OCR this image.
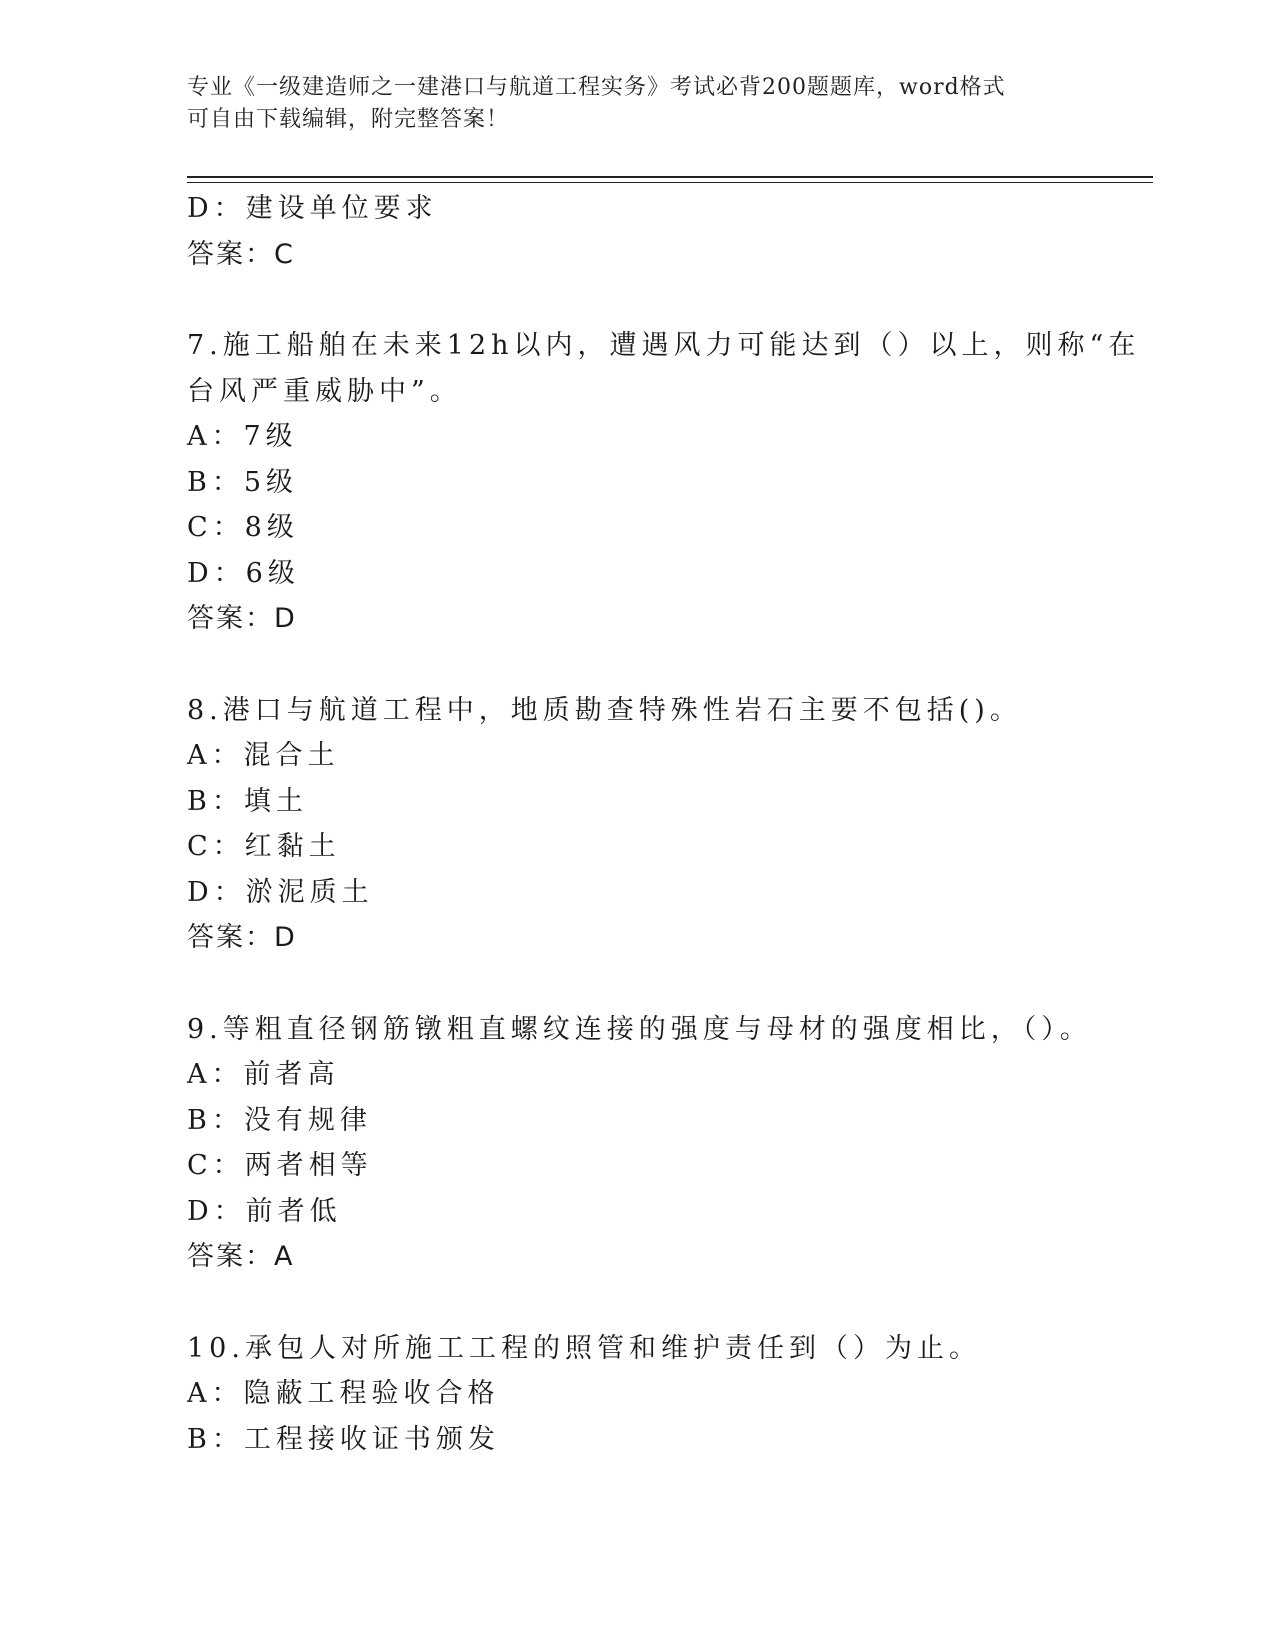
专业《一级建造师之一建港口与航道工程实务》考试必背200题题库，word格式
可自由下载编辑，附完整答案！
D：建设单位要求
答案：C
7.施工船舶在未来12h以内，遭遇风力可能达到（）以上，则称“在
台风严重威胁中”。
A：7级
B：5级
C：8级
D：6级
答案：D
8.港口与航道工程中，地质勘查特殊性岩石主要不包括()。
A：混合土
B：填土
C：红黏土
D：淤泥质土
答案：D
9.等粗直径钢筋镦粗直螺纹连接的强度与母材的强度相比，（）。
A：前者高
B：没有规律
C：两者相等
D：前者低
答案：A
10.承包人对所施工工程的照管和维护责任到（）为止。
A：隐蔽工程验收合格
B：工程接收证书颁发
